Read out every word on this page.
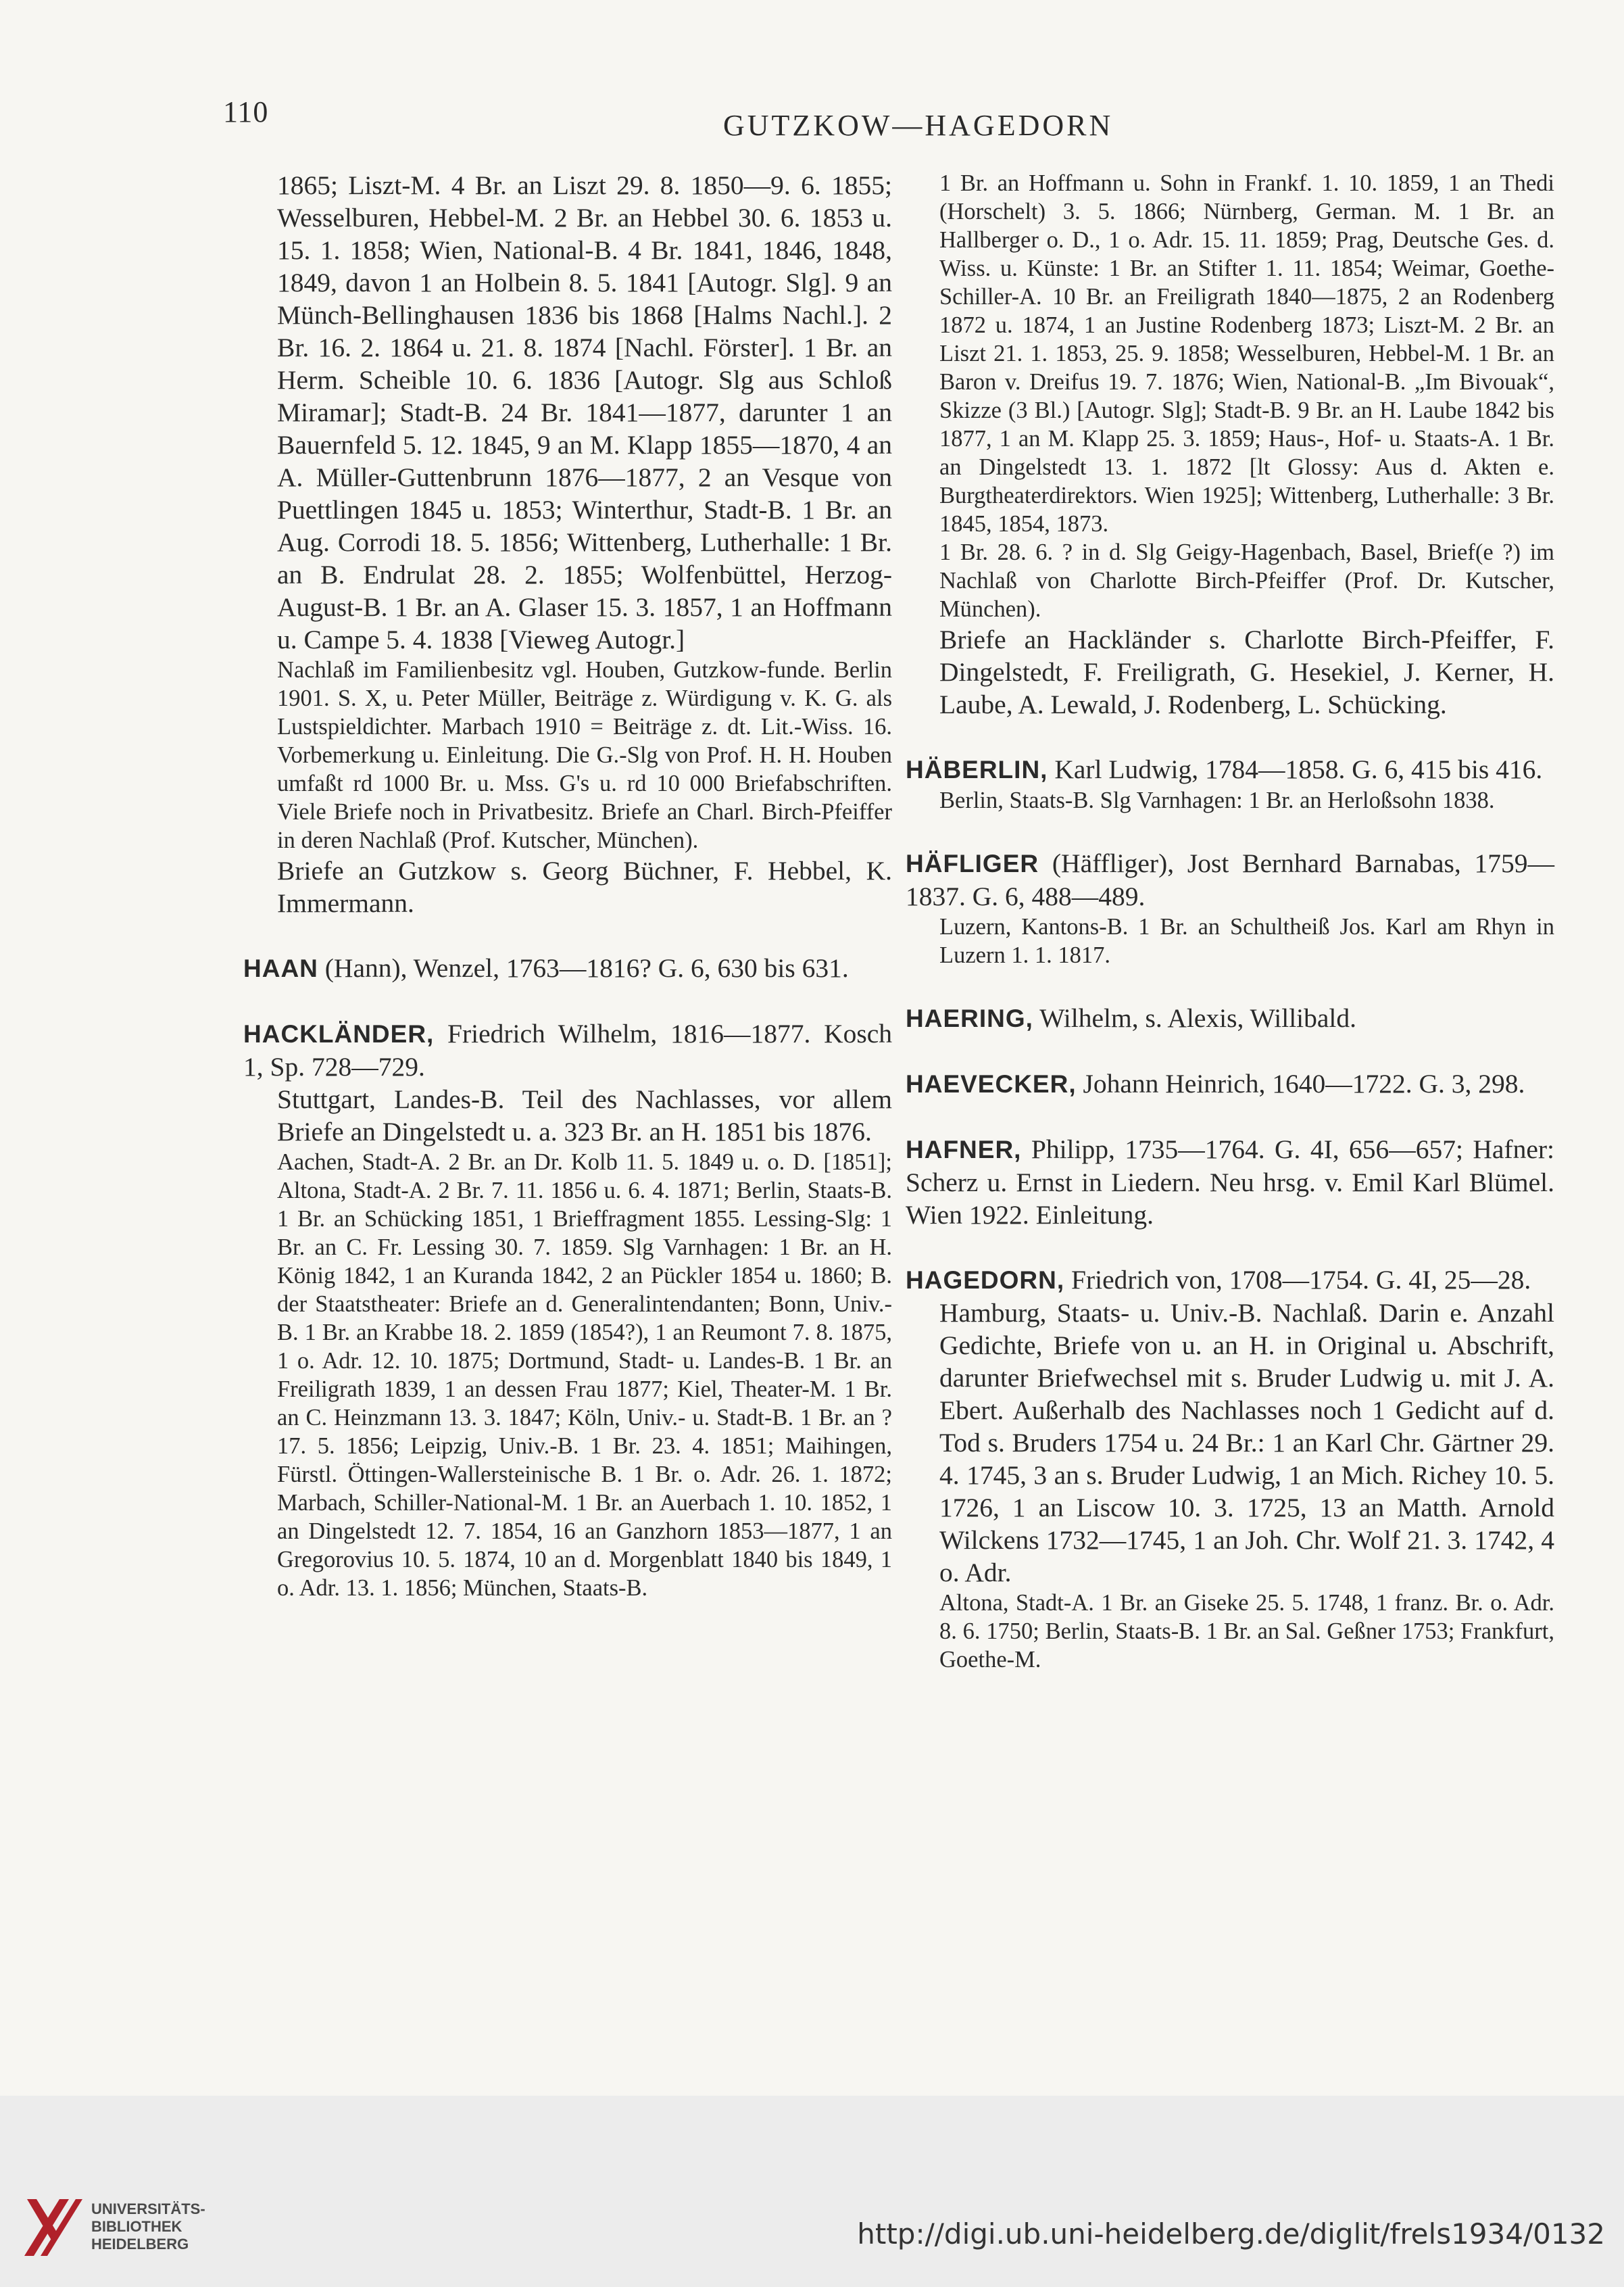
110	GUTZKOW—HAGEDORN

1865; Liszt-M. 4 Br. an Liszt 29. 8. 1850—9. 6. 1855; Wesselburen, Hebbel-M. 2 Br. an Hebbel 30. 6. 1853 u. 15. 1. 1858; Wien, National-B. 4 Br. 1841, 1846, 1848, 1849, davon 1 an Holbein 8. 5. 1841 [Autogr. Slg]. 9 an Münch-Bellinghausen 1836 bis 1868 [Halms Nachl.]. 2 Br. 16. 2. 1864 u. 21. 8. 1874 [Nachl. Förster]. 1 Br. an Herm. Scheible 10. 6. 1836 [Autogr. Slg aus Schloß Miramar]; Stadt-B. 24 Br. 1841—1877, darunter 1 an Bauernfeld 5. 12. 1845, 9 an M. Klapp 1855—1870, 4 an A. Müller-Guttenbrunn 1876—1877, 2 an Vesque von Puettlingen 1845 u. 1853; Winterthur, Stadt-B. 1 Br. an Aug. Corrodi 18. 5. 1856; Wittenberg, Lutherhalle: 1 Br. an B. Endrulat 28. 2. 1855; Wolfenbüttel, Herzog-August-B. 1 Br. an A. Glaser 15. 3. 1857, 1 an Hoffmann u. Campe 5. 4. 1838 [Vieweg Autogr.]

Nachlaß im Familienbesitz vgl. Houben, Gutzkow-funde. Berlin 1901. S. X, u. Peter Müller, Beiträge z. Würdigung v. K. G. als Lustspieldichter. Marbach 1910 = Beiträge z. dt. Lit.-Wiss. 16. Vorbemerkung u. Einleitung. Die G.-Slg von Prof. H. H. Houben umfaßt rd 1000 Br. u. Mss. G's u. rd 10 000 Briefabschriften. Viele Briefe noch in Privatbesitz. Briefe an Charl. Birch-Pfeiffer in deren Nachlaß (Prof. Kutscher, München).

Briefe an Gutzkow s. Georg Büchner, F. Hebbel, K. Immermann.

HAAN (Hann), Wenzel, 1763—1816? G. 6, 630 bis 631.

HACKLÄNDER, Friedrich Wilhelm, 1816—1877. Kosch 1, Sp. 728—729.

Stuttgart, Landes-B. Teil des Nachlasses, vor allem Briefe an Dingelstedt u. a. 323 Br. an H. 1851 bis 1876.

Aachen, Stadt-A. 2 Br. an Dr. Kolb 11. 5. 1849 u. o. D. [1851]; Altona, Stadt-A. 2 Br. 7. 11. 1856 u. 6. 4. 1871; Berlin, Staats-B. 1 Br. an Schücking 1851, 1 Brieffragment 1855. Lessing-Slg: 1 Br. an C. Fr. Lessing 30. 7. 1859. Slg Varnhagen: 1 Br. an H. König 1842, 1 an Kuranda 1842, 2 an Pückler 1854 u. 1860; B. der Staatstheater: Briefe an d. Generalintendanten; Bonn, Univ.-B. 1 Br. an Krabbe 18. 2. 1859 (1854?), 1 an Reumont 7. 8. 1875, 1 o. Adr. 12. 10. 1875; Dortmund, Stadt- u. Landes-B. 1 Br. an Freiligrath 1839, 1 an dessen Frau 1877; Kiel, Theater-M. 1 Br. an C. Heinzmann 13. 3. 1847; Köln, Univ.- u. Stadt-B. 1 Br. an ? 17. 5. 1856; Leipzig, Univ.-B. 1 Br. 23. 4. 1851; Maihingen, Fürstl. Öttingen-Wallersteinische B. 1 Br. o. Adr. 26. 1. 1872; Marbach, Schiller-National-M. 1 Br. an Auerbach 1. 10. 1852, 1 an Dingelstedt 12. 7. 1854, 16 an Ganzhorn 1853—1877, 1 an Gregorovius 10. 5. 1874, 10 an d. Morgenblatt 1840 bis 1849, 1 o. Adr. 13. 1. 1856; München, Staats-B.

1 Br. an Hoffmann u. Sohn in Frankf. 1. 10. 1859, 1 an Thedi (Horschelt) 3. 5. 1866; Nürnberg, German. M. 1 Br. an Hallberger o. D., 1 o. Adr. 15. 11. 1859; Prag, Deutsche Ges. d. Wiss. u. Künste: 1 Br. an Stifter 1. 11. 1854; Weimar, Goethe-Schiller-A. 10 Br. an Freiligrath 1840—1875, 2 an Rodenberg 1872 u. 1874, 1 an Justine Rodenberg 1873; Liszt-M. 2 Br. an Liszt 21. 1. 1853, 25. 9. 1858; Wesselburen, Hebbel-M. 1 Br. an Baron v. Dreifus 19. 7. 1876; Wien, National-B. „Im Bivouak“, Skizze (3 Bl.) [Autogr. Slg]; Stadt-B. 9 Br. an H. Laube 1842 bis 1877, 1 an M. Klapp 25. 3. 1859; Haus-, Hof- u. Staats-A. 1 Br. an Dingelstedt 13. 1. 1872 [lt Glossy: Aus d. Akten e. Burgtheaterdirektors. Wien 1925]; Wittenberg, Lutherhalle: 3 Br. 1845, 1854, 1873.

1 Br. 28. 6. ? in d. Slg Geigy-Hagenbach, Basel, Brief(e ?) im Nachlaß von Charlotte Birch-Pfeiffer (Prof. Dr. Kutscher, München).

Briefe an Hackländer s. Charlotte Birch-Pfeiffer, F. Dingelstedt, F. Freiligrath, G. Hesekiel, J. Kerner, H. Laube, A. Lewald, J. Rodenberg, L. Schücking.

HÄBERLIN, Karl Ludwig, 1784—1858. G. 6, 415 bis 416.

Berlin, Staats-B. Slg Varnhagen: 1 Br. an Herloßsohn 1838.

HÄFLIGER (Häffliger), Jost Bernhard Barnabas, 1759—1837. G. 6, 488—489.

Luzern, Kantons-B. 1 Br. an Schultheiß Jos. Karl am Rhyn in Luzern 1. 1. 1817.

HAERING, Wilhelm, s. Alexis, Willibald.

HAEVECKER, Johann Heinrich, 1640—1722. G. 3, 298.

HAFNER, Philipp, 1735—1764. G. 4I, 656—657; Hafner: Scherz u. Ernst in Liedern. Neu hrsg. v. Emil Karl Blümel. Wien 1922. Einleitung.

HAGEDORN, Friedrich von, 1708—1754. G. 4I, 25—28.

Hamburg, Staats- u. Univ.-B. Nachlaß. Darin e. Anzahl Gedichte, Briefe von u. an H. in Original u. Abschrift, darunter Briefwechsel mit s. Bruder Ludwig u. mit J. A. Ebert. Außerhalb des Nachlasses noch 1 Gedicht auf d. Tod s. Bruders 1754 u. 24 Br.: 1 an Karl Chr. Gärtner 29. 4. 1745, 3 an s. Bruder Ludwig, 1 an Mich. Richey 10. 5. 1726, 1 an Liscow 10. 3. 1725, 13 an Matth. Arnold Wilckens 1732—1745, 1 an Joh. Chr. Wolf 21. 3. 1742, 4 o. Adr.

Altona, Stadt-A. 1 Br. an Giseke 25. 5. 1748, 1 franz. Br. o. Adr. 8. 6. 1750; Berlin, Staats-B. 1 Br. an Sal. Geßner 1753; Frankfurt, Goethe-M.

UNIVERSITÄTS-
BIBLIOTHEK
HEIDELBERG	http://digi.ub.uni-heidelberg.de/diglit/frels1934/0132
